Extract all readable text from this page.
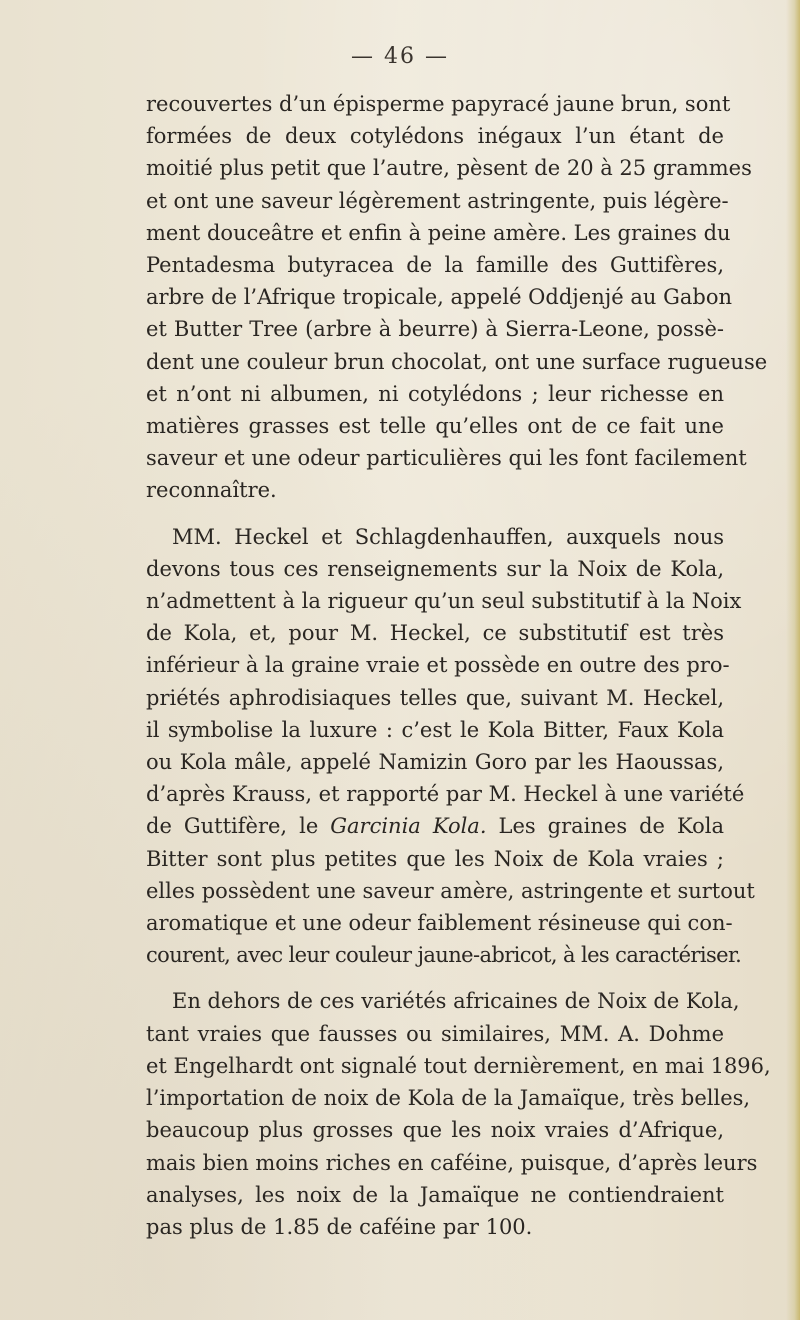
— 46 —
recouvertes d’un épisperme papyracé jaune brun, sont
formées de deux cotylédons inégaux l’un étant de
moitié plus petit que l’autre, pèsent de 20 à 25 grammes
et ont une saveur légèrement astringente, puis légère-
ment douceâtre et enfin à peine amère. Les graines du
Pentadesma butyracea de la famille des Guttifères,
arbre de l’Afrique tropicale, appelé Oddjenjé au Gabon
et Butter Tree (arbre à beurre) à Sierra-Leone, possè-
dent une couleur brun chocolat, ont une surface rugueuse
et n’ont ni albumen, ni cotylédons ; leur richesse en
matières grasses est telle qu’elles ont de ce fait une
saveur et une odeur particulières qui les font facilement
reconnaître.
MM. Heckel et Schlagdenhauffen, auxquels nous
devons tous ces renseignements sur la Noix de Kola,
n’admettent à la rigueur qu’un seul substitutif à la Noix
de Kola, et, pour M. Heckel, ce substitutif est très
inférieur à la graine vraie et possède en outre des pro-
priétés aphrodisiaques telles que, suivant M. Heckel,
il symbolise la luxure : c’est le Kola Bitter, Faux Kola
ou Kola mâle, appelé Namizin Goro par les Haoussas,
d’après Krauss, et rapporté par M. Heckel à une variété
de Guttifère, le Garcinia Kola. Les graines de Kola
Bitter sont plus petites que les Noix de Kola vraies ;
elles possèdent une saveur amère, astringente et surtout
aromatique et une odeur faiblement résineuse qui con-
courent, avec leur couleur jaune-abricot, à les caractériser.
En dehors de ces variétés africaines de Noix de Kola,
tant vraies que fausses ou similaires, MM. A. Dohme
et Engelhardt ont signalé tout dernièrement, en mai 1896,
l’importation de noix de Kola de la Jamaïque, très belles,
beaucoup plus grosses que les noix vraies d’Afrique,
mais bien moins riches en caféine, puisque, d’après leurs
analyses, les noix de la Jamaïque ne contiendraient
pas plus de 1.85 de caféine par 100.
